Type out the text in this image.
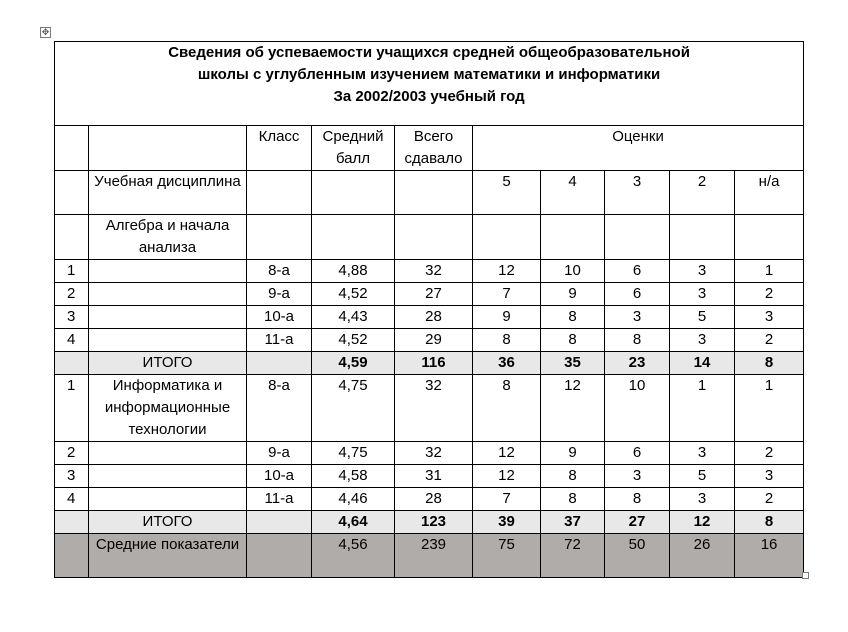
✥
Сведения об успеваемости учащихся средней общеобразовательной
школы с углубленным изучением математики и информатики
За 2002/2003 учебный год									

		Класс	Средний балл	Всего сдавало	Оценки				
	Учебная дисциплина				5	4	3	2	н/а
	Алгебра и начала анализа								
1		8-а	4,88	32	12	10	6	3	1
2		9-а	4,52	27	7	9	6	3	2
3		10-а	4,43	28	9	8	3	5	3
4		11-а	4,52	29	8	8	8	3	2
	ИТОГО		4,59	116	36	35	23	14	8
1	Информатика и информационные технологии	8-а	4,75	32	8	12	10	1	1
2		9-а	4,75	32	12	9	6	3	2
3		10-а	4,58	31	12	8	3	5	3
4		11-а	4,46	28	7	8	8	3	2
	ИТОГО		4,64	123	39	37	27	12	8
	Средние показатели		4,56	239	75	72	50	26	16
